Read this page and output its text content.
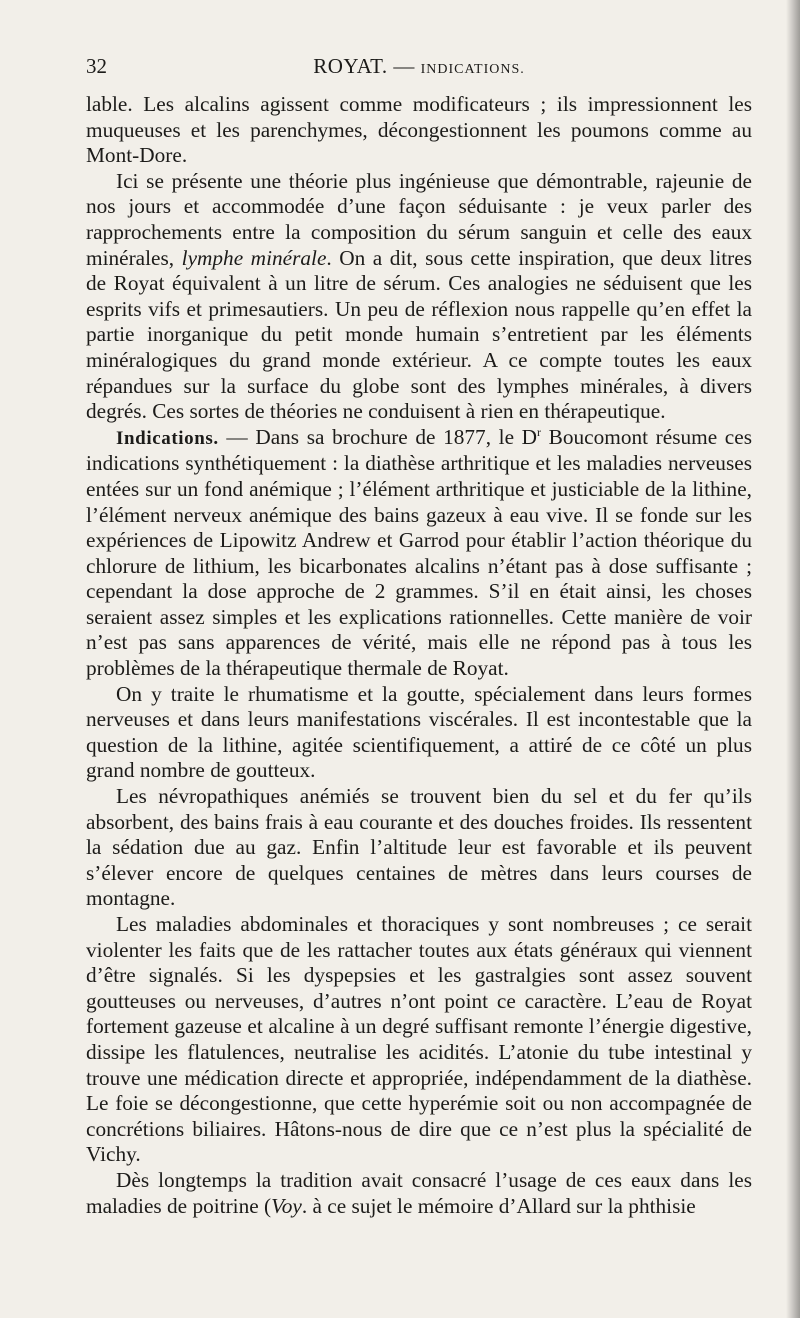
32	ROYAT. — INDICATIONS.

lable. Les alcalins agissent comme modificateurs ; ils impressionnent les muqueuses et les parenchymes, décongestionnent les poumons comme au Mont-Dore.

Ici se présente une théorie plus ingénieuse que démontrable, rajeunie de nos jours et accommodée d’une façon séduisante : je veux parler des rapprochements entre la composition du sérum sanguin et celle des eaux minérales, lymphe minérale. On a dit, sous cette inspiration, que deux litres de Royat équivalent à un litre de sérum. Ces analogies ne séduisent que les esprits vifs et primesautiers. Un peu de réflexion nous rappelle qu’en effet la partie inorganique du petit monde humain s’entretient par les éléments minéralogiques du grand monde extérieur. A ce compte toutes les eaux répandues sur la surface du globe sont des lymphes minérales, à divers degrés. Ces sortes de théories ne conduisent à rien en thérapeutique.

Indications. — Dans sa brochure de 1877, le $D^r$ Boucomont résume ces indications synthétiquement : la diathèse arthritique et les maladies nerveuses entées sur un fond anémique ; l’élément arthritique et justiciable de la lithine, l’élément nerveux anémique des bains gazeux à eau vive. Il se fonde sur les expériences de Lipowitz Andrew et Garrod pour établir l’action théorique du chlorure de lithium, les bicarbonates alcalins n’étant pas à dose suffisante ; cependant la dose approche de 2 grammes. S’il en était ainsi, les choses seraient assez simples et les explications rationnelles. Cette manière de voir n’est pas sans apparences de vérité, mais elle ne répond pas à tous les problèmes de la thérapeutique thermale de Royat.

On y traite le rhumatisme et la goutte, spécialement dans leurs formes nerveuses et dans leurs manifestations viscérales. Il est incontestable que la question de la lithine, agitée scientifiquement, a attiré de ce côté un plus grand nombre de goutteux.

Les névropathiques anémiés se trouvent bien du sel et du fer qu’ils absorbent, des bains frais à eau courante et des douches froides. Ils ressentent la sédation due au gaz. Enfin l’altitude leur est favorable et ils peuvent s’élever encore de quelques centaines de mètres dans leurs courses de montagne.

Les maladies abdominales et thoraciques y sont nombreuses ; ce serait violenter les faits que de les rattacher toutes aux états généraux qui viennent d’être signalés. Si les dyspepsies et les gastralgies sont assez souvent goutteuses ou nerveuses, d’autres n’ont point ce caractère. L’eau de Royat fortement gazeuse et alcaline à un degré suffisant remonte l’énergie digestive, dissipe les flatulences, neutralise les acidités. L’atonie du tube intestinal y trouve une médication directe et appropriée, indépendamment de la diathèse. Le foie se décongestionne, que cette hyperémie soit ou non accompagnée de concrétions biliaires. Hâtons-nous de dire que ce n’est plus la spécialité de Vichy.

Dès longtemps la tradition avait consacré l’usage de ces eaux dans les maladies de poitrine (Voy. à ce sujet le mémoire d’Allard sur la phthisie
